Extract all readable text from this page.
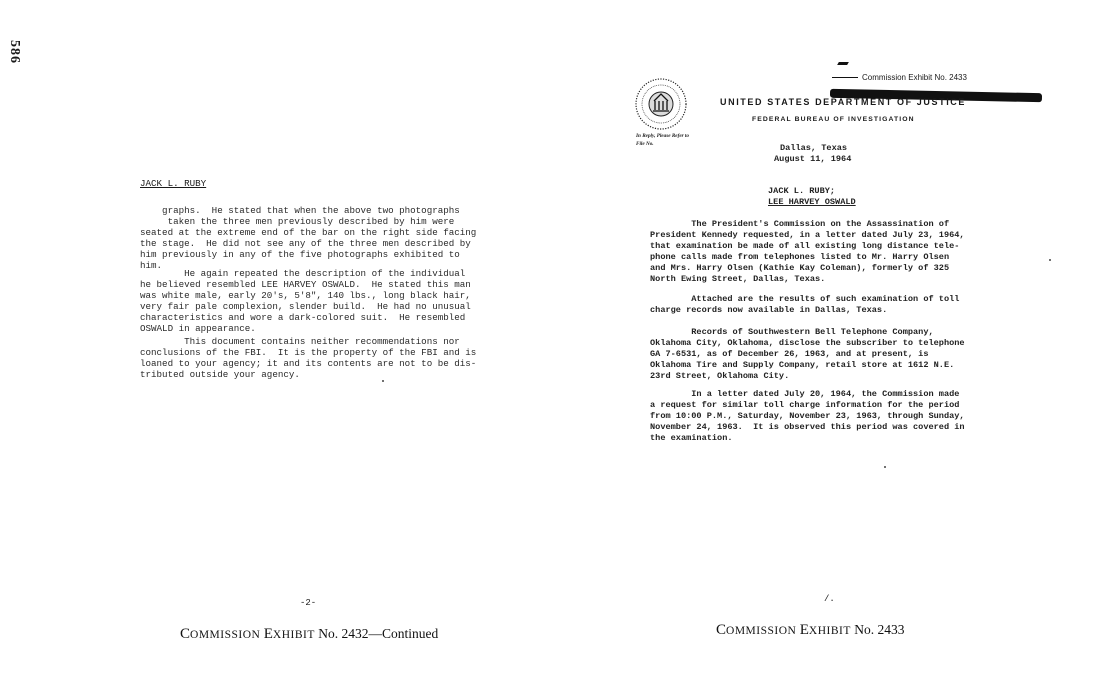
586
JACK L. RUBY
graphs.  He stated that when the above two photographs
taken the three men previously described by him were
seated at the extreme end of the bar on the right side facing
the stage.  He did not see any of the three men described by
him previously in any of the five photographs exhibited to
him.
He again repeated the description of the individual
he believed resembled LEE HARVEY OSWALD.  He stated this man
was white male, early 20's, 5'8", 140 lbs., long black hair,
very fair pale complexion, slender build.  He had no unusual
characteristics and wore a dark-colored suit.  He resembled
OSWALD in appearance.
This document contains neither recommendations nor
conclusions of the FBI.  It is the property of the FBI and is
loaned to your agency; it and its contents are not to be dis-
tributed outside your agency.
-2-
COMMISSION EXHIBIT No. 2432—Continued
Commission Exhibit No. 2433
UNITED STATES DEPARTMENT OF JUSTICE
FEDERAL BUREAU OF INVESTIGATION
In Reply, Please Refer to
File No.	Dallas, Texas
August 11, 1964
JACK L. RUBY;
LEE HARVEY OSWALD
The President's Commission on the Assassination of
President Kennedy requested, in a letter dated July 23, 1964,
that examination be made of all existing long distance tele-
phone calls made from telephones listed to Mr. Harry Olsen
and Mrs. Harry Olsen (Kathie Kay Coleman), formerly of 325
North Ewing Street, Dallas, Texas.
Attached are the results of such examination of toll
charge records now available in Dallas, Texas.
Records of Southwestern Bell Telephone Company,
Oklahoma City, Oklahoma, disclose the subscriber to telephone
GA 7-6531, as of December 26, 1963, and at present, is
Oklahoma Tire and Supply Company, retail store at 1612 N.E.
23rd Street, Oklahoma City.
In a letter dated July 20, 1964, the Commission made
a request for similar toll charge information for the period
from 10:00 P.M., Saturday, November 23, 1963, through Sunday,
November 24, 1963.  It is observed this period was covered in
the examination.
/.
COMMISSION EXHIBIT No. 2433
